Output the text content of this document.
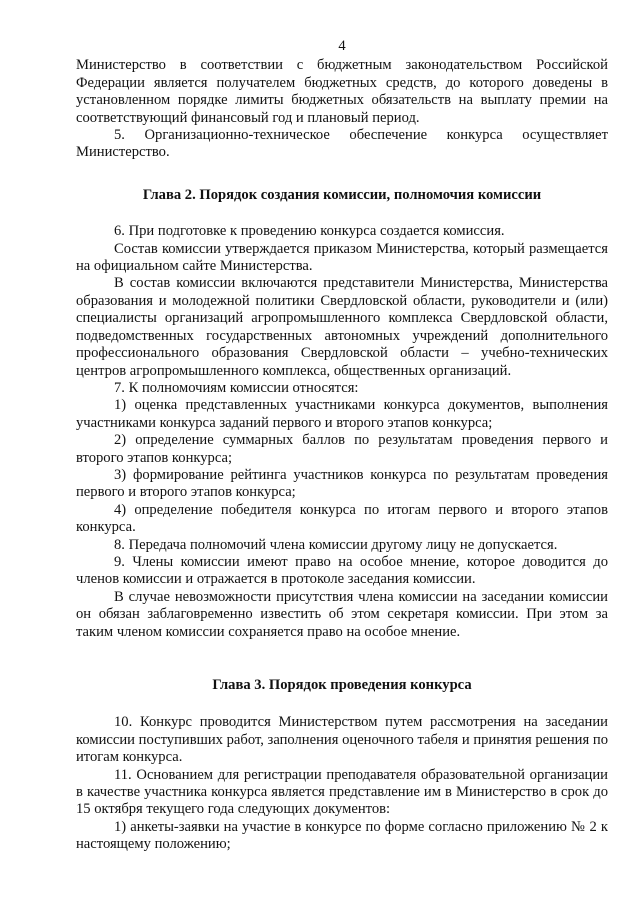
4

Министерство в соответствии с бюджетным законодательством Российской Федерации является получателем бюджетных средств, до которого доведены в установленном порядке лимиты бюджетных обязательств на выплату премии на соответствующий финансовый год и плановый период.

5. Организационно-техническое обеспечение конкурса осуществляет Министерство.

Глава 2. Порядок создания комиссии, полномочия комиссии

6. При подготовке к проведению конкурса создается комиссия.

Состав комиссии утверждается приказом Министерства, который размещается на официальном сайте Министерства.

В состав комиссии включаются представители Министерства, Министерства образования и молодежной политики Свердловской области, руководители и (или) специалисты организаций агропромышленного комплекса Свердловской области, подведомственных государственных автономных учреждений дополнительного профессионального образования Свердловской области – учебно-технических центров агропромышленного комплекса, общественных организаций.

7. К полномочиям комиссии относятся:

1) оценка представленных участниками конкурса документов, выполнения участниками конкурса заданий первого и второго этапов конкурса;

2) определение суммарных баллов по результатам проведения первого и второго этапов конкурса;

3) формирование рейтинга участников конкурса по результатам проведения первого и второго этапов конкурса;

4) определение победителя конкурса по итогам первого и второго этапов конкурса.

8. Передача полномочий члена комиссии другому лицу не допускается.

9. Члены комиссии имеют право на особое мнение, которое доводится до членов комиссии и отражается в протоколе заседания комиссии.

В случае невозможности присутствия члена комиссии на заседании комиссии он обязан заблаговременно известить об этом секретаря комиссии. При этом за таким членом комиссии сохраняется право на особое мнение.

Глава 3. Порядок проведения конкурса

10. Конкурс проводится Министерством путем рассмотрения на заседании комиссии поступивших работ, заполнения оценочного табеля и принятия решения по итогам конкурса.

11. Основанием для регистрации преподавателя образовательной организации в качестве участника конкурса является представление им в Министерство в срок до 15 октября текущего года следующих документов:

1) анкеты-заявки на участие в конкурсе по форме согласно приложению № 2 к настоящему положению;
